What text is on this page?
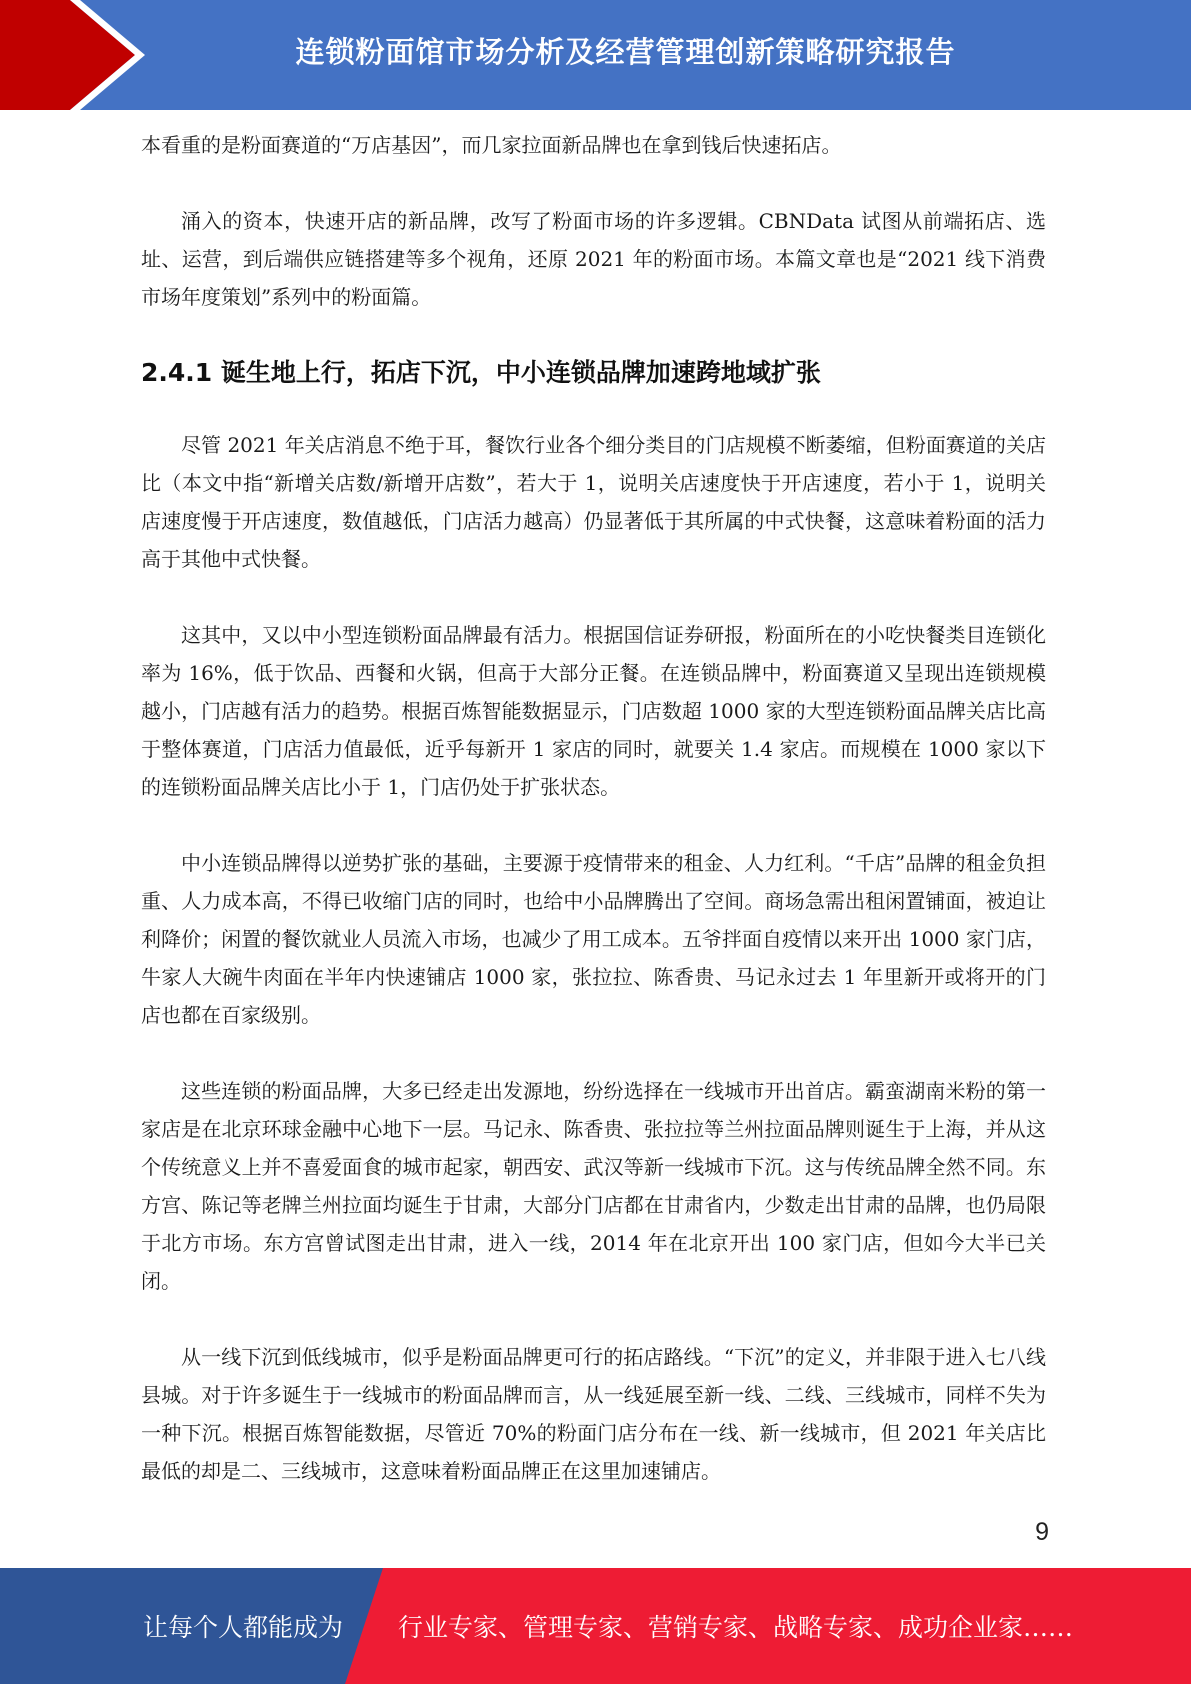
连锁粉面馆市场分析及经营管理创新策略研究报告

本看重的是粉面赛道的“万店基因”，而几家拉面新品牌也在拿到钱后快速拓店。

涌入的资本，快速开店的新品牌，改写了粉面市场的许多逻辑。CBNData 试图从前端拓店、选址、运营，到后端供应链搭建等多个视角，还原 2021 年的粉面市场。本篇文章也是“2021 线下消费市场年度策划”系列中的粉面篇。

2.4.1 诞生地上行，拓店下沉，中小连锁品牌加速跨地域扩张

尽管 2021 年关店消息不绝于耳，餐饮行业各个细分类目的门店规模不断萎缩，但粉面赛道的关店比（本文中指“新增关店数/新增开店数”，若大于 1，说明关店速度快于开店速度，若小于 1，说明关店速度慢于开店速度，数值越低，门店活力越高）仍显著低于其所属的中式快餐，这意味着粉面的活力高于其他中式快餐。

这其中，又以中小型连锁粉面品牌最有活力。根据国信证券研报，粉面所在的小吃快餐类目连锁化率为 16%，低于饮品、西餐和火锅，但高于大部分正餐。在连锁品牌中，粉面赛道又呈现出连锁规模越小，门店越有活力的趋势。根据百炼智能数据显示，门店数超 1000 家的大型连锁粉面品牌关店比高于整体赛道，门店活力值最低，近乎每新开 1 家店的同时，就要关 1.4 家店。而规模在 1000 家以下的连锁粉面品牌关店比小于 1，门店仍处于扩张状态。

中小连锁品牌得以逆势扩张的基础，主要源于疫情带来的租金、人力红利。“千店”品牌的租金负担重、人力成本高，不得已收缩门店的同时，也给中小品牌腾出了空间。商场急需出租闲置铺面，被迫让利降价；闲置的餐饮就业人员流入市场，也减少了用工成本。五爷拌面自疫情以来开出 1000 家门店，牛家人大碗牛肉面在半年内快速铺店 1000 家，张拉拉、陈香贵、马记永过去 1 年里新开或将开的门店也都在百家级别。

这些连锁的粉面品牌，大多已经走出发源地，纷纷选择在一线城市开出首店。霸蛮湖南米粉的第一家店是在北京环球金融中心地下一层。马记永、陈香贵、张拉拉等兰州拉面品牌则诞生于上海，并从这个传统意义上并不喜爱面食的城市起家，朝西安、武汉等新一线城市下沉。这与传统品牌全然不同。东方宫、陈记等老牌兰州拉面均诞生于甘肃，大部分门店都在甘肃省内，少数走出甘肃的品牌，也仍局限于北方市场。东方宫曾试图走出甘肃，进入一线，2014 年在北京开出 100 家门店，但如今大半已关闭。

从一线下沉到低线城市，似乎是粉面品牌更可行的拓店路线。“下沉”的定义，并非限于进入七八线县城。对于许多诞生于一线城市的粉面品牌而言，从一线延展至新一线、二线、三线城市，同样不失为一种下沉。根据百炼智能数据，尽管近 70%的粉面门店分布在一线、新一线城市，但 2021 年关店比最低的却是二、三线城市，这意味着粉面品牌正在这里加速铺店。

9
让每个人都能成为 行业专家、管理专家、营销专家、战略专家、成功企业家……
